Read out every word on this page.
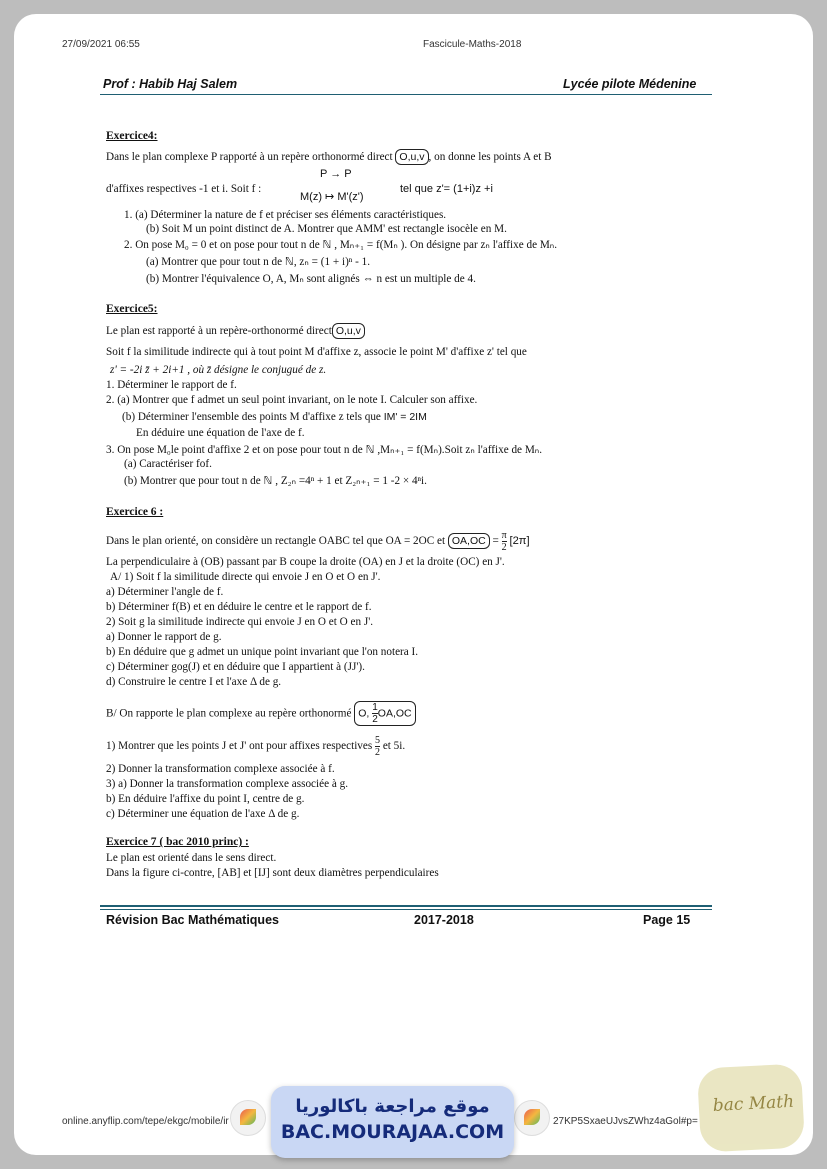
27/09/2021 06:55	Fascicule-Maths-2018
Prof : Habib Haj Salem	Lycée pilote Médenine
Exercice4:
Dans le plan complexe P rapporté à un repère orthonormé direct O,u,v , on donne les points A et B
P → P
d'affixes respectives -1 et i. Soit f :
M(z) ↦ M'(z')
tel que z'= (1+i)z +i
1. (a) Déterminer la nature de f et préciser ses éléments caractéristiques.
(b) Soit M un point distinct de A. Montrer que AMM' est rectangle isocèle en M.
2. On pose M₀ = 0 et on pose pour tout n de ℕ , Mₙ₊₁ = f(Mₙ ). On désigne par zₙ l'affixe de Mₙ.
(a) Montrer que pour tout n de ℕ, zₙ = (1 + i)ⁿ - 1.
(b) Montrer l'équivalence O, A, Mₙ sont alignés ⇔ n est un multiple de 4.
Exercice5:
Le plan est rapporté à un repère-orthonormé direct O,u,v
Soit f la similitude indirecte qui à tout point M d'affixe z, associe le point M' d'affixe z' tel que
z' = -2i z̄ + 2i+1 , où z̄ désigne le conjugué de z.
1. Déterminer le rapport de f.
2. (a) Montrer que f admet un seul point invariant, on le note I. Calculer son affixe.
(b) Déterminer l'ensemble des points M d'affixe z tels que IM' = 2IM
En déduire une équation de l'axe de f.
3. On pose M₀le point d'affixe 2 et on pose pour tout n de ℕ ,Mₙ₊₁ = f(Mₙ).Soit zₙ l'affixe de Mₙ.
(a) Caractériser fof.
(b) Montrer que pour tout n de ℕ , Z₂ₙ =4ⁿ + 1 et Z₂ₙ₊₁ = 1 -2 × 4ⁿi.
Exercice 6 :
Dans le plan orienté, on considère un rectangle OABC tel que OA = 2OC et $OA,OC = \frac{\pi}{2} [2\pi]$
La perpendiculaire à (OB) passant par B coupe la droite (OA) en J et la droite (OC) en J'.
A/ 1) Soit f la similitude directe qui envoie J en O et O en J'.
a) Déterminer l'angle de f.
b) Déterminer f(B) et en déduire le centre et le rapport de f.
2) Soit g la similitude indirecte qui envoie J en O et O en J'.
a) Donner le rapport de g.
b) En déduire que g admet un unique point invariant que l'on notera I.
c) Déterminer gog(J) et en déduire que I appartient à (JJ').
d) Construire le centre I et l'axe Δ de g.
B/ On rapporte le plan complexe au repère orthonormé O, $\frac{1}{2} OA,OC$
1) Montrer que les points J et J' ont pour affixes respectives $\frac{5}{2}$ et 5i.
2) Donner la transformation complexe associée à f.
3) a) Donner la transformation complexe associée à g.
b) En déduire l'affixe du point I, centre de g.
c) Déterminer une équation de l'axe Δ de g.
Exercice 7 ( bac 2010 princ) :
Le plan est orienté dans le sens direct.
Dans la figure ci-contre, [AB] et [IJ] sont deux diamètres perpendiculaires
Révision Bac Mathématiques	2017-2018	Page 15
online.anyflip.com/tepe/ekgc/mobile/ir	27KP5SxaeUJvsZWhz4aGol#p=
موقع مراجعة باكالوريا
BAC.MOURAJAA.COM
bac Math
